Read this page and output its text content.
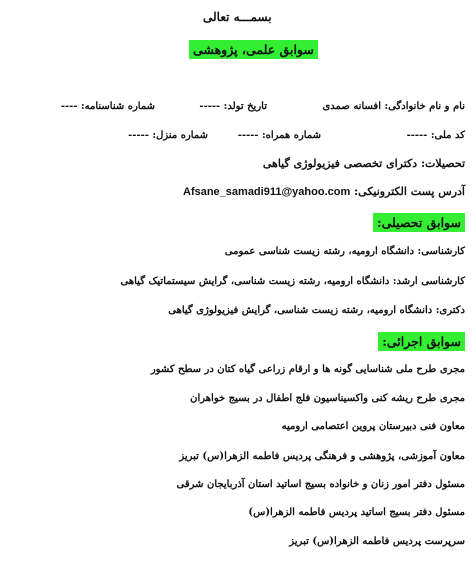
بسمـــه تعالی
سوابق علمی، پژوهشی
نام و نام خانوادگی: افسانه صمدی
تاریخ تولد: -----
شماره شناسنامه: ----
کد ملی: -----
شماره همراه: -----
شماره منزل: -----
تحصیلات: دکترای تخصصی فیزیولوژی گیاهی
آدرس پست الکترونیکی: Afsane_samadi911@yahoo.com
سوابق تحصیلی:
کارشناسی: دانشگاه ارومیه، رشته زیست شناسی عمومی
کارشناسی ارشد: دانشگاه ارومیه، رشته زیست شناسی، گرایش سیستماتیک گیاهی
دکتری: دانشگاه ارومیه، رشته زیست شناسی، گرایش فیزیولوژی گیاهی
سوابق اجرائی:
مجری طرح ملی شناسایی گونه ها و ارقام زراعی گیاه کتان در سطح کشور
مجری طرح ریشه کنی واکسیناسیون فلج اطفال در بسیج خواهران
معاون فنی دبیرستان پروین اعتصامی ارومیه
معاون آموزشی، پژوهشی و فرهنگی پردیس فاطمه الزهرا(س) تبریز
مسئول دفتر امور زنان و خانواده بسیج اساتید استان آذربایجان شرقی
مسئول دفتر بسیج اساتید پردیس فاطمه الزهرا(س)
سرپرست پردیس فاطمه الزهرا(س) تبریز
